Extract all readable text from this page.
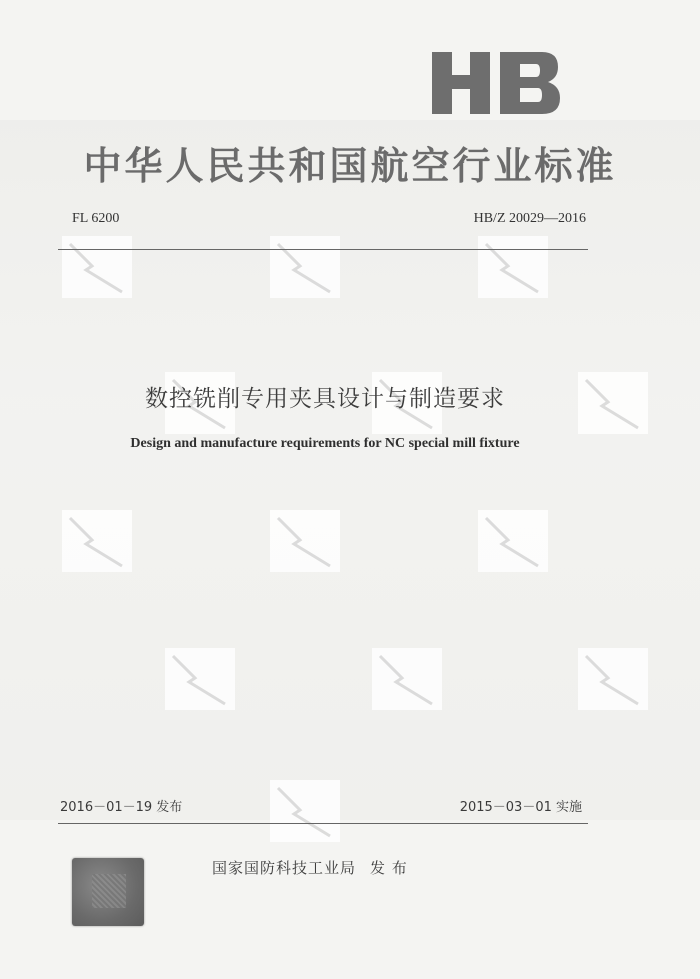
中华人民共和国航空行业标准
FL 6200	HB/Z 20029—2016
数控铣削专用夹具设计与制造要求
Design and manufacture requirements for NC special mill fixture
2016－01－19 发布	2015－03－01 实施
国家国防科技工业局 发 布
